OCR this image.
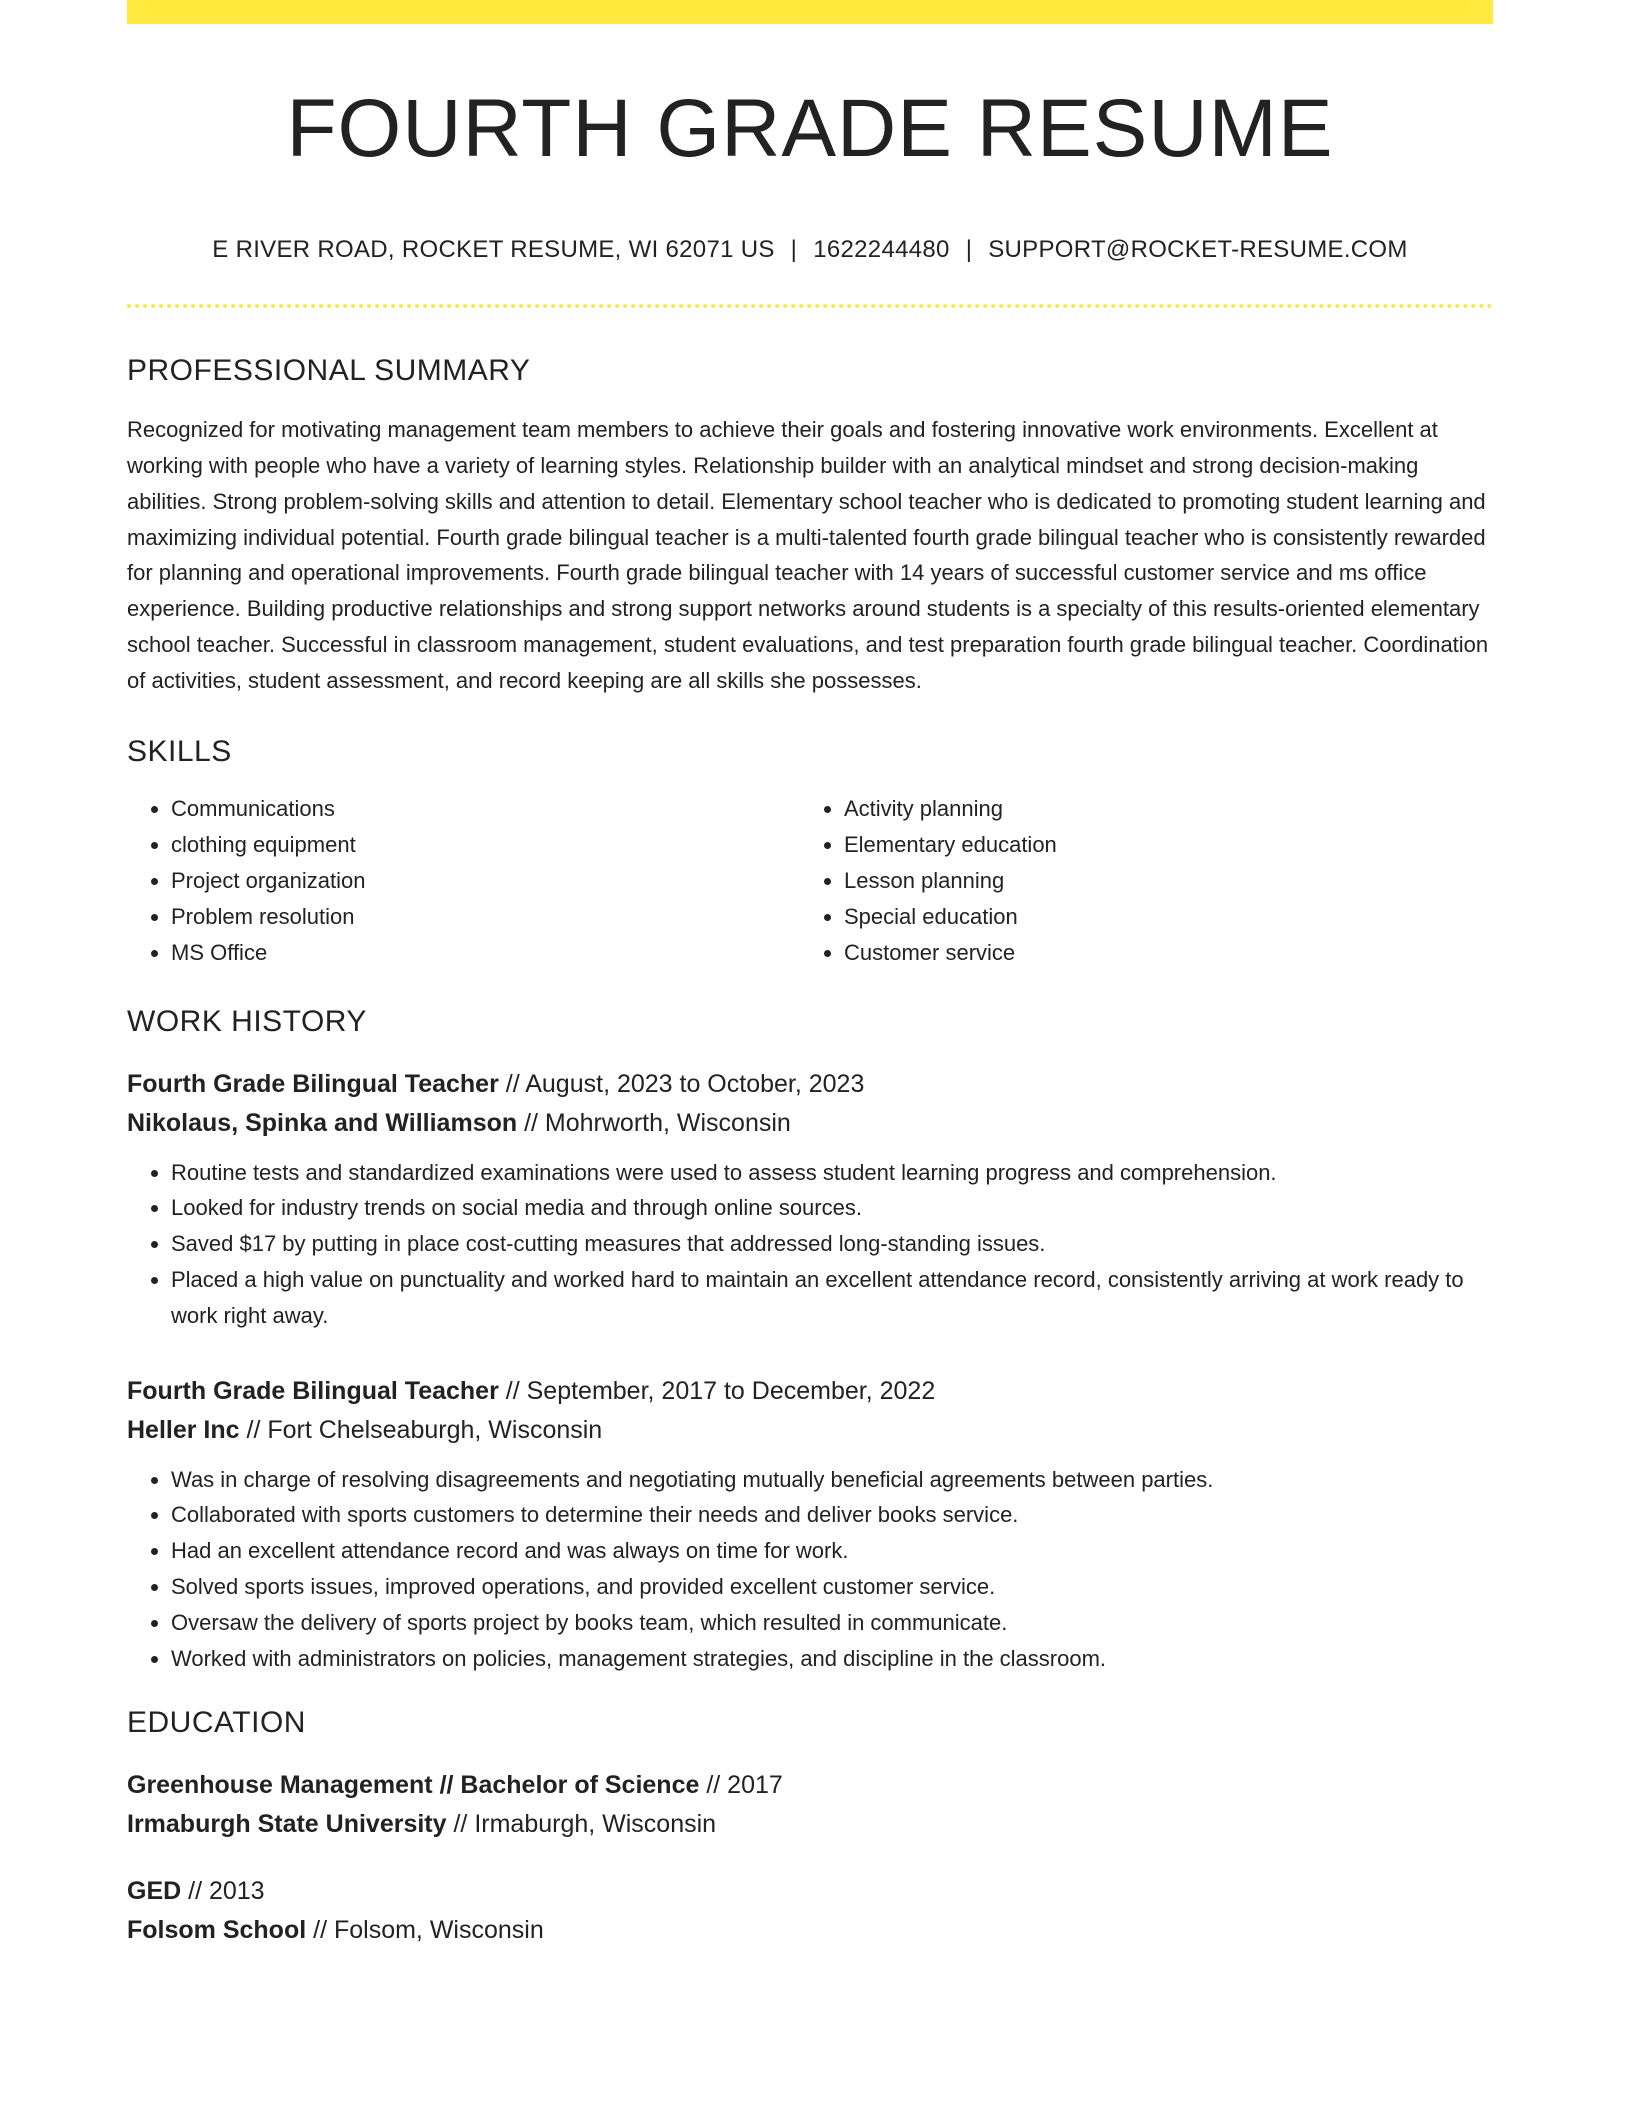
FOURTH GRADE RESUME
E RIVER ROAD, ROCKET RESUME, WI 62071 US | 1622244480 | SUPPORT@ROCKET-RESUME.COM
PROFESSIONAL SUMMARY
Recognized for motivating management team members to achieve their goals and fostering innovative work environments. Excellent at working with people who have a variety of learning styles. Relationship builder with an analytical mindset and strong decision-making abilities. Strong problem-solving skills and attention to detail. Elementary school teacher who is dedicated to promoting student learning and maximizing individual potential. Fourth grade bilingual teacher is a multi-talented fourth grade bilingual teacher who is consistently rewarded for planning and operational improvements. Fourth grade bilingual teacher with 14 years of successful customer service and ms office experience. Building productive relationships and strong support networks around students is a specialty of this results-oriented elementary school teacher. Successful in classroom management, student evaluations, and test preparation fourth grade bilingual teacher. Coordination of activities, student assessment, and record keeping are all skills she possesses.
SKILLS
• Communications
• clothing equipment
• Project organization
• Problem resolution
• MS Office
• Activity planning
• Elementary education
• Lesson planning
• Special education
• Customer service
WORK HISTORY
Fourth Grade Bilingual Teacher // August, 2023 to October, 2023
Nikolaus, Spinka and Williamson // Mohrworth, Wisconsin
• Routine tests and standardized examinations were used to assess student learning progress and comprehension.
• Looked for industry trends on social media and through online sources.
• Saved $17 by putting in place cost-cutting measures that addressed long-standing issues.
• Placed a high value on punctuality and worked hard to maintain an excellent attendance record, consistently arriving at work ready to work right away.
Fourth Grade Bilingual Teacher // September, 2017 to December, 2022
Heller Inc // Fort Chelseaburgh, Wisconsin
• Was in charge of resolving disagreements and negotiating mutually beneficial agreements between parties.
• Collaborated with sports customers to determine their needs and deliver books service.
• Had an excellent attendance record and was always on time for work.
• Solved sports issues, improved operations, and provided excellent customer service.
• Oversaw the delivery of sports project by books team, which resulted in communicate.
• Worked with administrators on policies, management strategies, and discipline in the classroom.
EDUCATION
Greenhouse Management // Bachelor of Science // 2017
Irmaburgh State University // Irmaburgh, Wisconsin
GED // 2013
Folsom School // Folsom, Wisconsin
